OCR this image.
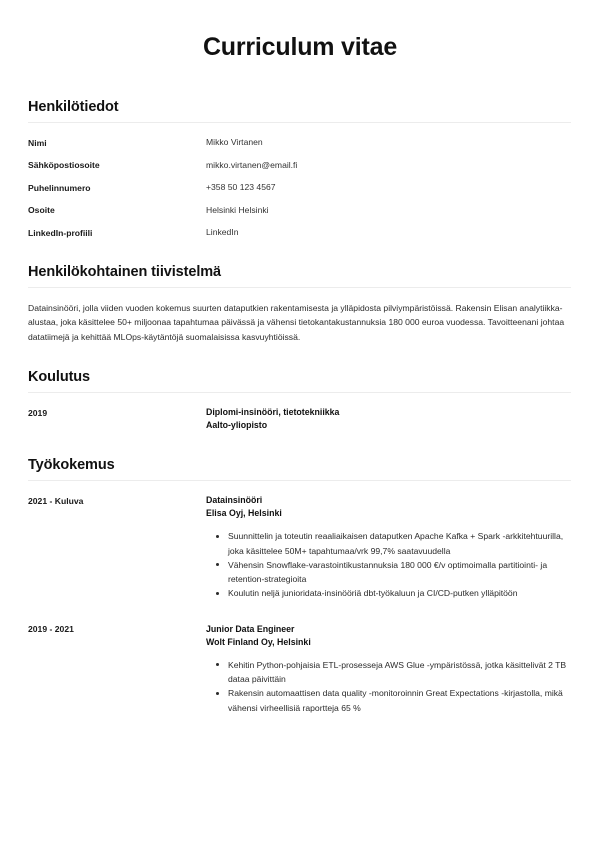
Curriculum vitae
Henkilötiedot
Nimi	Mikko Virtanen
Sähköpostiosoite	mikko.virtanen@email.fi
Puhelinnumero	+358 50 123 4567
Osoite	Helsinki Helsinki
LinkedIn-profiili	LinkedIn
Henkilökohtainen tiivistelmä
Datainsinööri, jolla viiden vuoden kokemus suurten dataputkien rakentamisesta ja ylläpidosta pilviympäristöissä. Rakensin Elisan analytiikka-alustaa, joka käsittelee 50+ miljoonaa tapahtumaa päivässä ja vähensi tietokantakustannuksia 180 000 euroa vuodessa. Tavoitteenani johtaa datatiimejä ja kehittää MLOps-käytäntöjä suomalaisissa kasvuyhtiöissä.
Koulutus
2019	Diplomi-insinööri, tietotekniikka
Aalto-yliopisto
Työkokemus
2021 - Kuluva	Datainsinööri
Elisa Oyj, Helsinki
Suunnittelin ja toteutin reaaliaikaisen dataputken Apache Kafka + Spark -arkkitehtuurilla, joka käsittelee 50M+ tapahtumaa/vrk 99,7% saatavuudella
Vähensin Snowflake-varastointikustannuksia 180 000 €/v optimoimalla partitiointi- ja retention-strategioita
Koulutin neljä junioridata-insinööriä dbt-työkaluun ja CI/CD-putken ylläpitöön
2019 - 2021	Junior Data Engineer
Wolt Finland Oy, Helsinki
Kehitin Python-pohjaisia ETL-prosesseja AWS Glue -ympäristössä, jotka käsittelivät 2 TB dataa päivittäin
Rakensin automaattisen data quality -monitoroinnin Great Expectations -kirjastolla, mikä vähensi virheellisiä raportteja 65 %
